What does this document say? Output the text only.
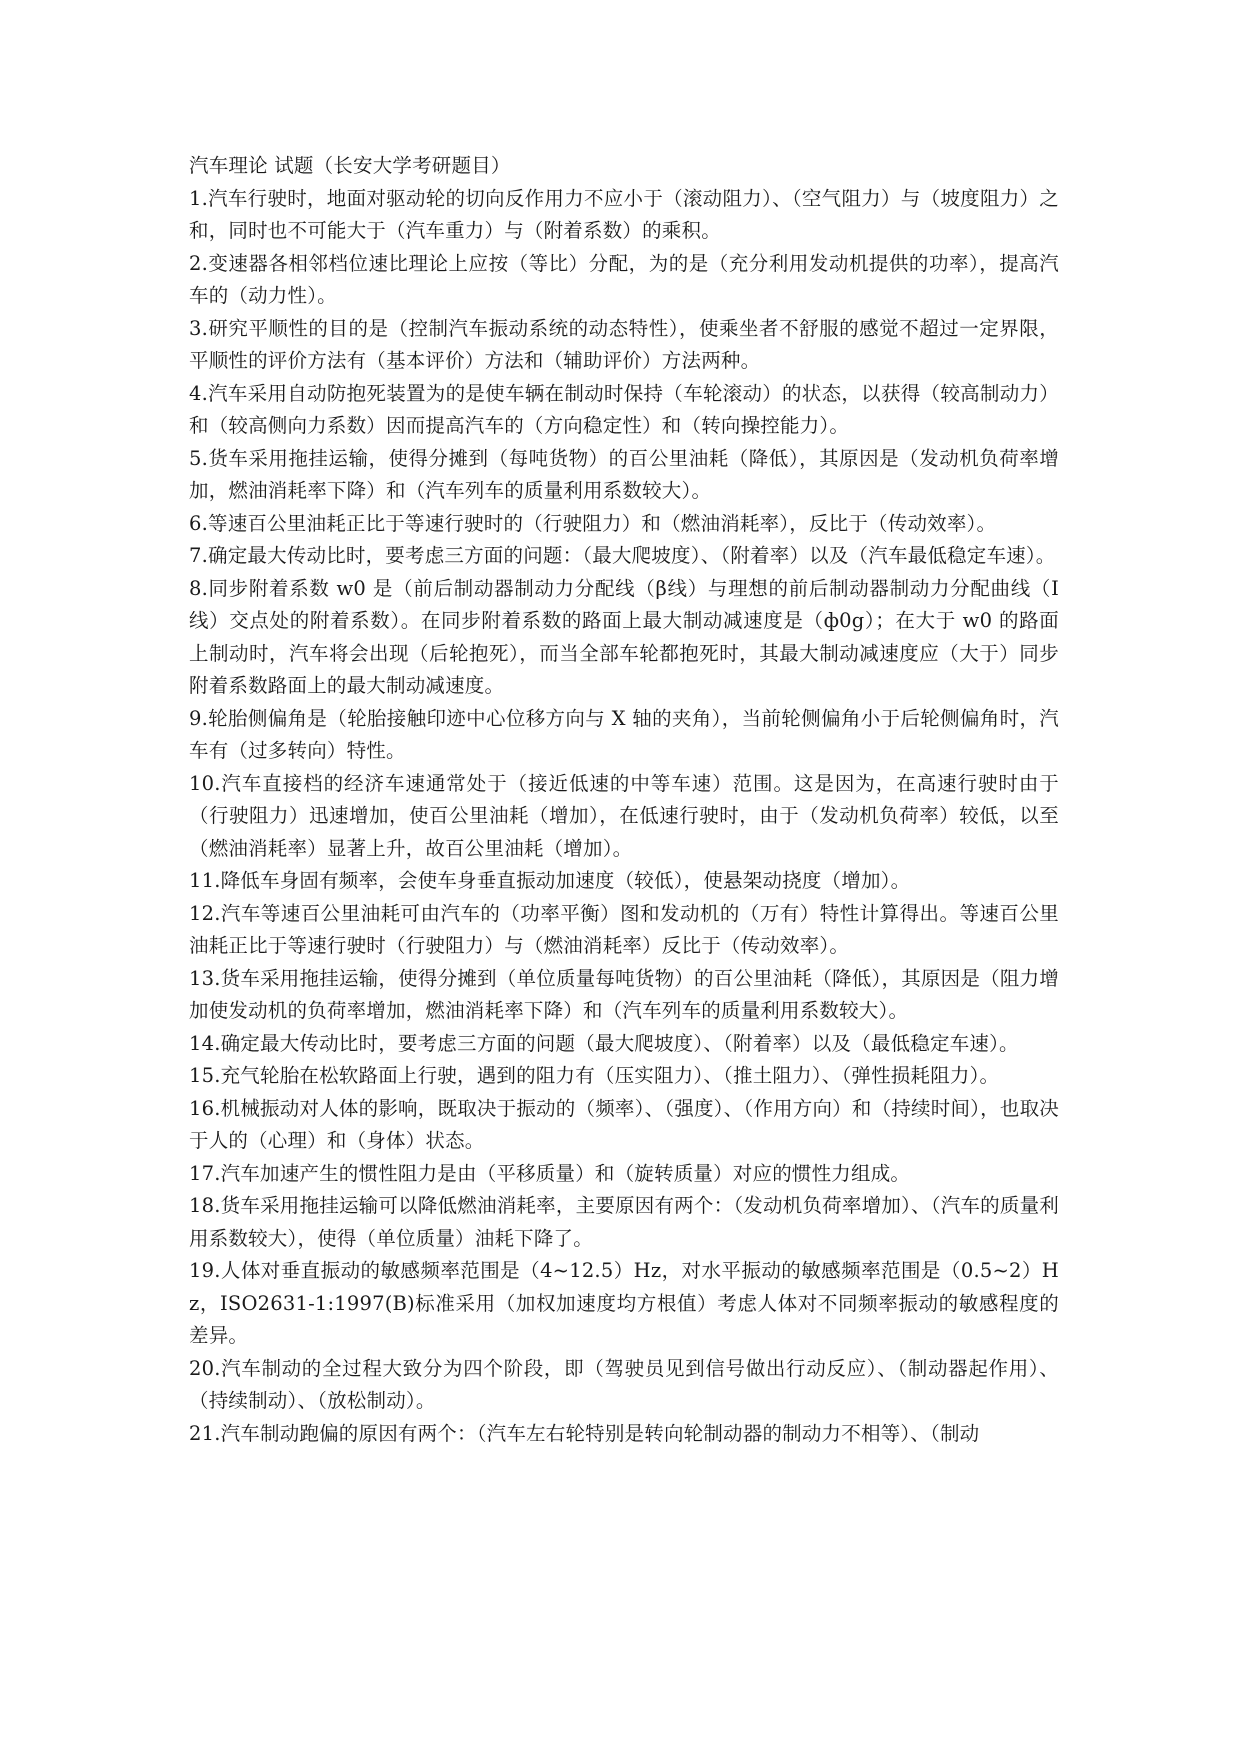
汽车理论 试题（长安大学考研题目）

1.汽车行驶时，地面对驱动轮的切向反作用力不应小于（滚动阻力）、（空气阻力）与（坡度阻力）之和，同时也不可能大于（汽车重力）与（附着系数）的乘积。

2.变速器各相邻档位速比理论上应按（等比）分配，为的是（充分利用发动机提供的功率），提高汽车的（动力性）。

3.研究平顺性的目的是（控制汽车振动系统的动态特性），使乘坐者不舒服的感觉不超过一定界限，平顺性的评价方法有（基本评价）方法和（辅助评价）方法两种。

4.汽车采用自动防抱死装置为的是使车辆在制动时保持（车轮滚动）的状态，以获得（较高制动力）和（较高侧向力系数）因而提高汽车的（方向稳定性）和（转向操控能力）。

5.货车采用拖挂运输，使得分摊到（每吨货物）的百公里油耗（降低），其原因是（发动机负荷率增加，燃油消耗率下降）和（汽车列车的质量利用系数较大）。

6.等速百公里油耗正比于等速行驶时的（行驶阻力）和（燃油消耗率），反比于（传动效率）。

7.确定最大传动比时，要考虑三方面的问题：（最大爬坡度）、（附着率）以及（汽车最低稳定车速）。

8.同步附着系数 w0 是（前后制动器制动力分配线（β线）与理想的前后制动器制动力分配曲线（I 线）交点处的附着系数）。在同步附着系数的路面上最大制动减速度是（ф0g）；在大于 w0 的路面上制动时，汽车将会出现（后轮抱死），而当全部车轮都抱死时，其最大制动减速度应（大于）同步附着系数路面上的最大制动减速度。

9.轮胎侧偏角是（轮胎接触印迹中心位移方向与 X 轴的夹角），当前轮侧偏角小于后轮侧偏角时，汽车有（过多转向）特性。

10.汽车直接档的经济车速通常处于（接近低速的中等车速）范围。这是因为，在高速行驶时由于（行驶阻力）迅速增加，使百公里油耗（增加），在低速行驶时，由于（发动机负荷率）较低，以至（燃油消耗率）显著上升，故百公里油耗（增加）。

11.降低车身固有频率，会使车身垂直振动加速度（较低），使悬架动挠度（增加）。

12.汽车等速百公里油耗可由汽车的（功率平衡）图和发动机的（万有）特性计算得出。等速百公里油耗正比于等速行驶时（行驶阻力）与（燃油消耗率）反比于（传动效率）。

13.货车采用拖挂运输，使得分摊到（单位质量每吨货物）的百公里油耗（降低），其原因是（阻力增加使发动机的负荷率增加，燃油消耗率下降）和（汽车列车的质量利用系数较大）。

14.确定最大传动比时，要考虑三方面的问题（最大爬坡度）、（附着率）以及（最低稳定车速）。

15.充气轮胎在松软路面上行驶，遇到的阻力有（压实阻力）、（推土阻力）、（弹性损耗阻力）。

16.机械振动对人体的影响，既取决于振动的（频率）、（强度）、（作用方向）和（持续时间），也取决于人的（心理）和（身体）状态。

17.汽车加速产生的惯性阻力是由（平移质量）和（旋转质量）对应的惯性力组成。

18.货车采用拖挂运输可以降低燃油消耗率，主要原因有两个：（发动机负荷率增加）、（汽车的质量利用系数较大），使得（单位质量）油耗下降了。

19.人体对垂直振动的敏感频率范围是（4~12.5）Hz，对水平振动的敏感频率范围是（0.5~2）Hz，ISO2631-1:1997(B)标准采用（加权加速度均方根值）考虑人体对不同频率振动的敏感程度的差异。

20.汽车制动的全过程大致分为四个阶段，即（驾驶员见到信号做出行动反应）、（制动器起作用）、（持续制动）、（放松制动）。

21.汽车制动跑偏的原因有两个：（汽车左右轮特别是转向轮制动器的制动力不相等）、（制动
